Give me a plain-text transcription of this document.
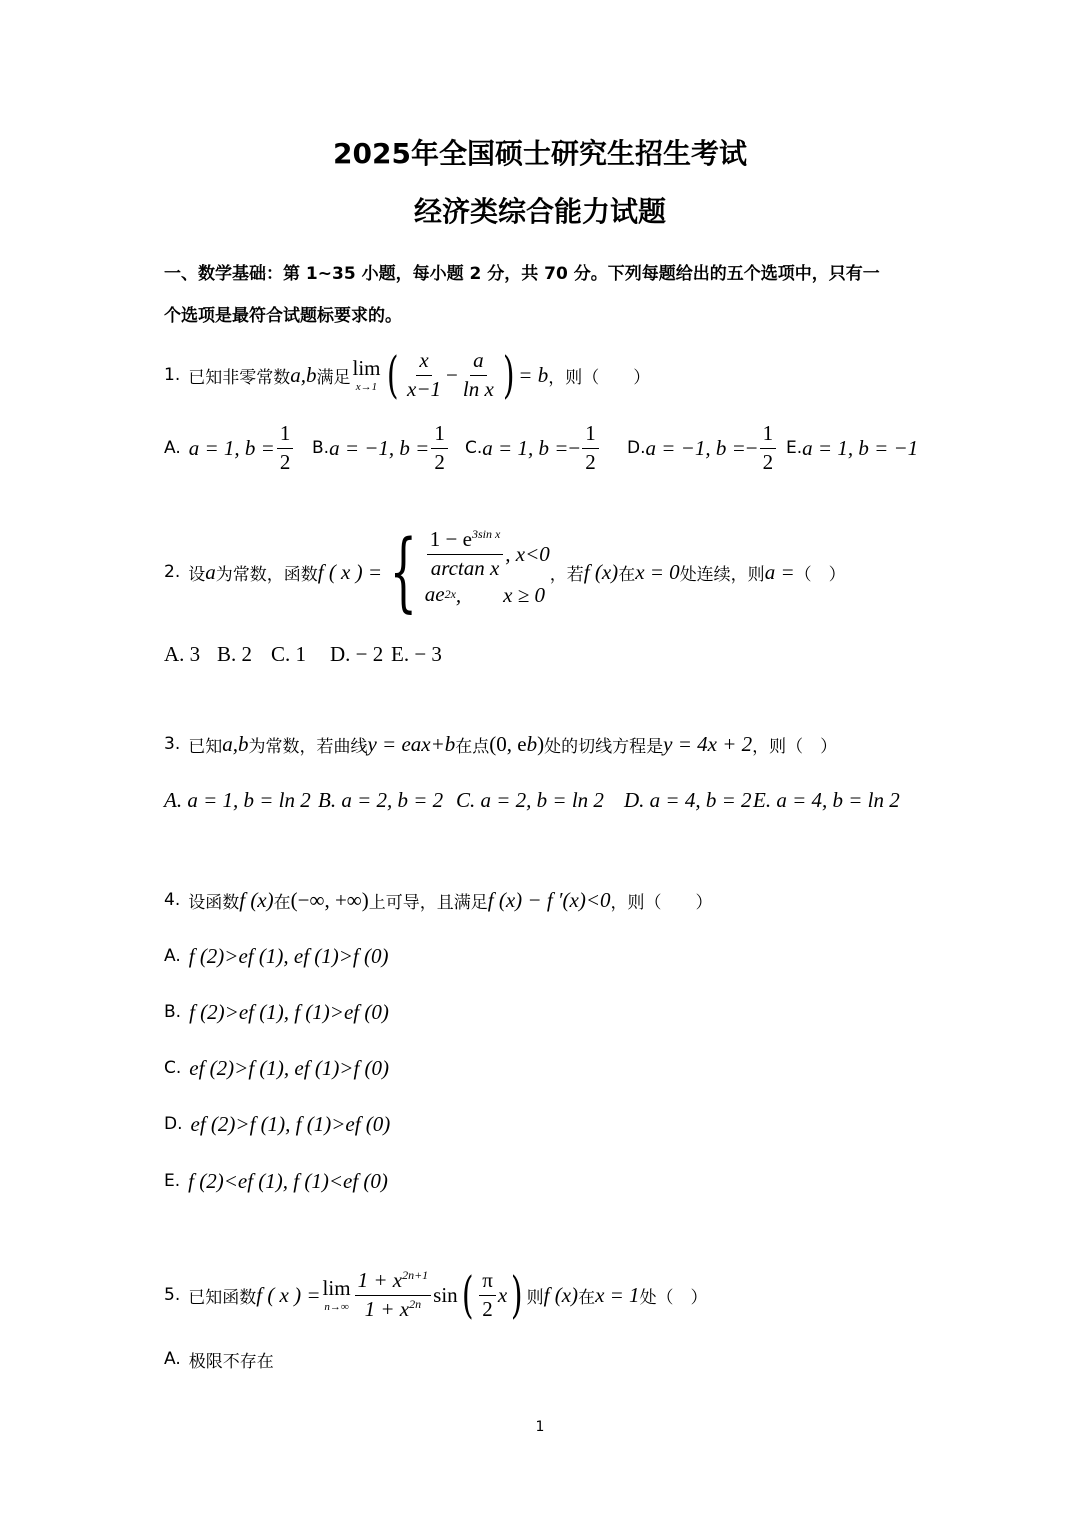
2025年全国硕士研究生招生考试
经济类综合能力试题
一、数学基础：第 1~35 小题，每小题 2 分，共 70 分。下列每题给出的五个选项中，只有一
个选项是最符合试题标要求的。
1. 已知非零常数 a,b 满足 lim
x→1 ( $\frac{x}{x-1} - \frac{a}{\text{ln x}}$ ) = b ，则（　　）
A. a = 1, $b = \frac{1}{2} B$. a = −1, $b = \frac{1}{2} C$. a = 1, b = − $\frac{1}{2} D$. a = −1, b = − $\frac{1}{2} E$. a = 1, b = −1
2. 设 a 为常数，函数 f ( x ) = { $\frac{1 - e^{3sin x}}{\text{arctan x}}$ , x<0
ae 2x ,　　x ≥ 0
，若 f (x) 在 x = 0 处连续，则 a = （　）
A. 3 B. 2 C. 1 D. − 2 E. − 3
3. 已知 a,b 为常数，若曲线 y = e ax+b 在点 (0, e b ) 处的切线方程是 y = 4x + 2 ，则（　）
A. a = 1, b = ln 2 B. a = 2, b = 2 C. a = 2, b = ln 2 D. a = 4, b = 2 E. a = 4, b = ln 2
4. 设函数 f (x) 在 (−∞, +∞) 上可导，且满足 f (x) − f ′(x)<0 ，则（　　）
A. f (2)>ef (1), ef (1)>f (0)
B. f (2)>ef (1), f (1)>ef (0)
C. ef (2)>f (1), ef (1)>f (0)
D. ef (2)>f (1), f (1)>ef (0)
E. f (2)<ef (1), f (1)<ef (0)
5. 已知函数 f ( x ) = lim
$n\to\infty \frac{1 + x^{2n+1}}{1 + x^{2n}}$ sin ( $\frac{\pi}{2}$ x ) 则 f (x) 在 x = 1 处（　）
A. 极限不存在
1
